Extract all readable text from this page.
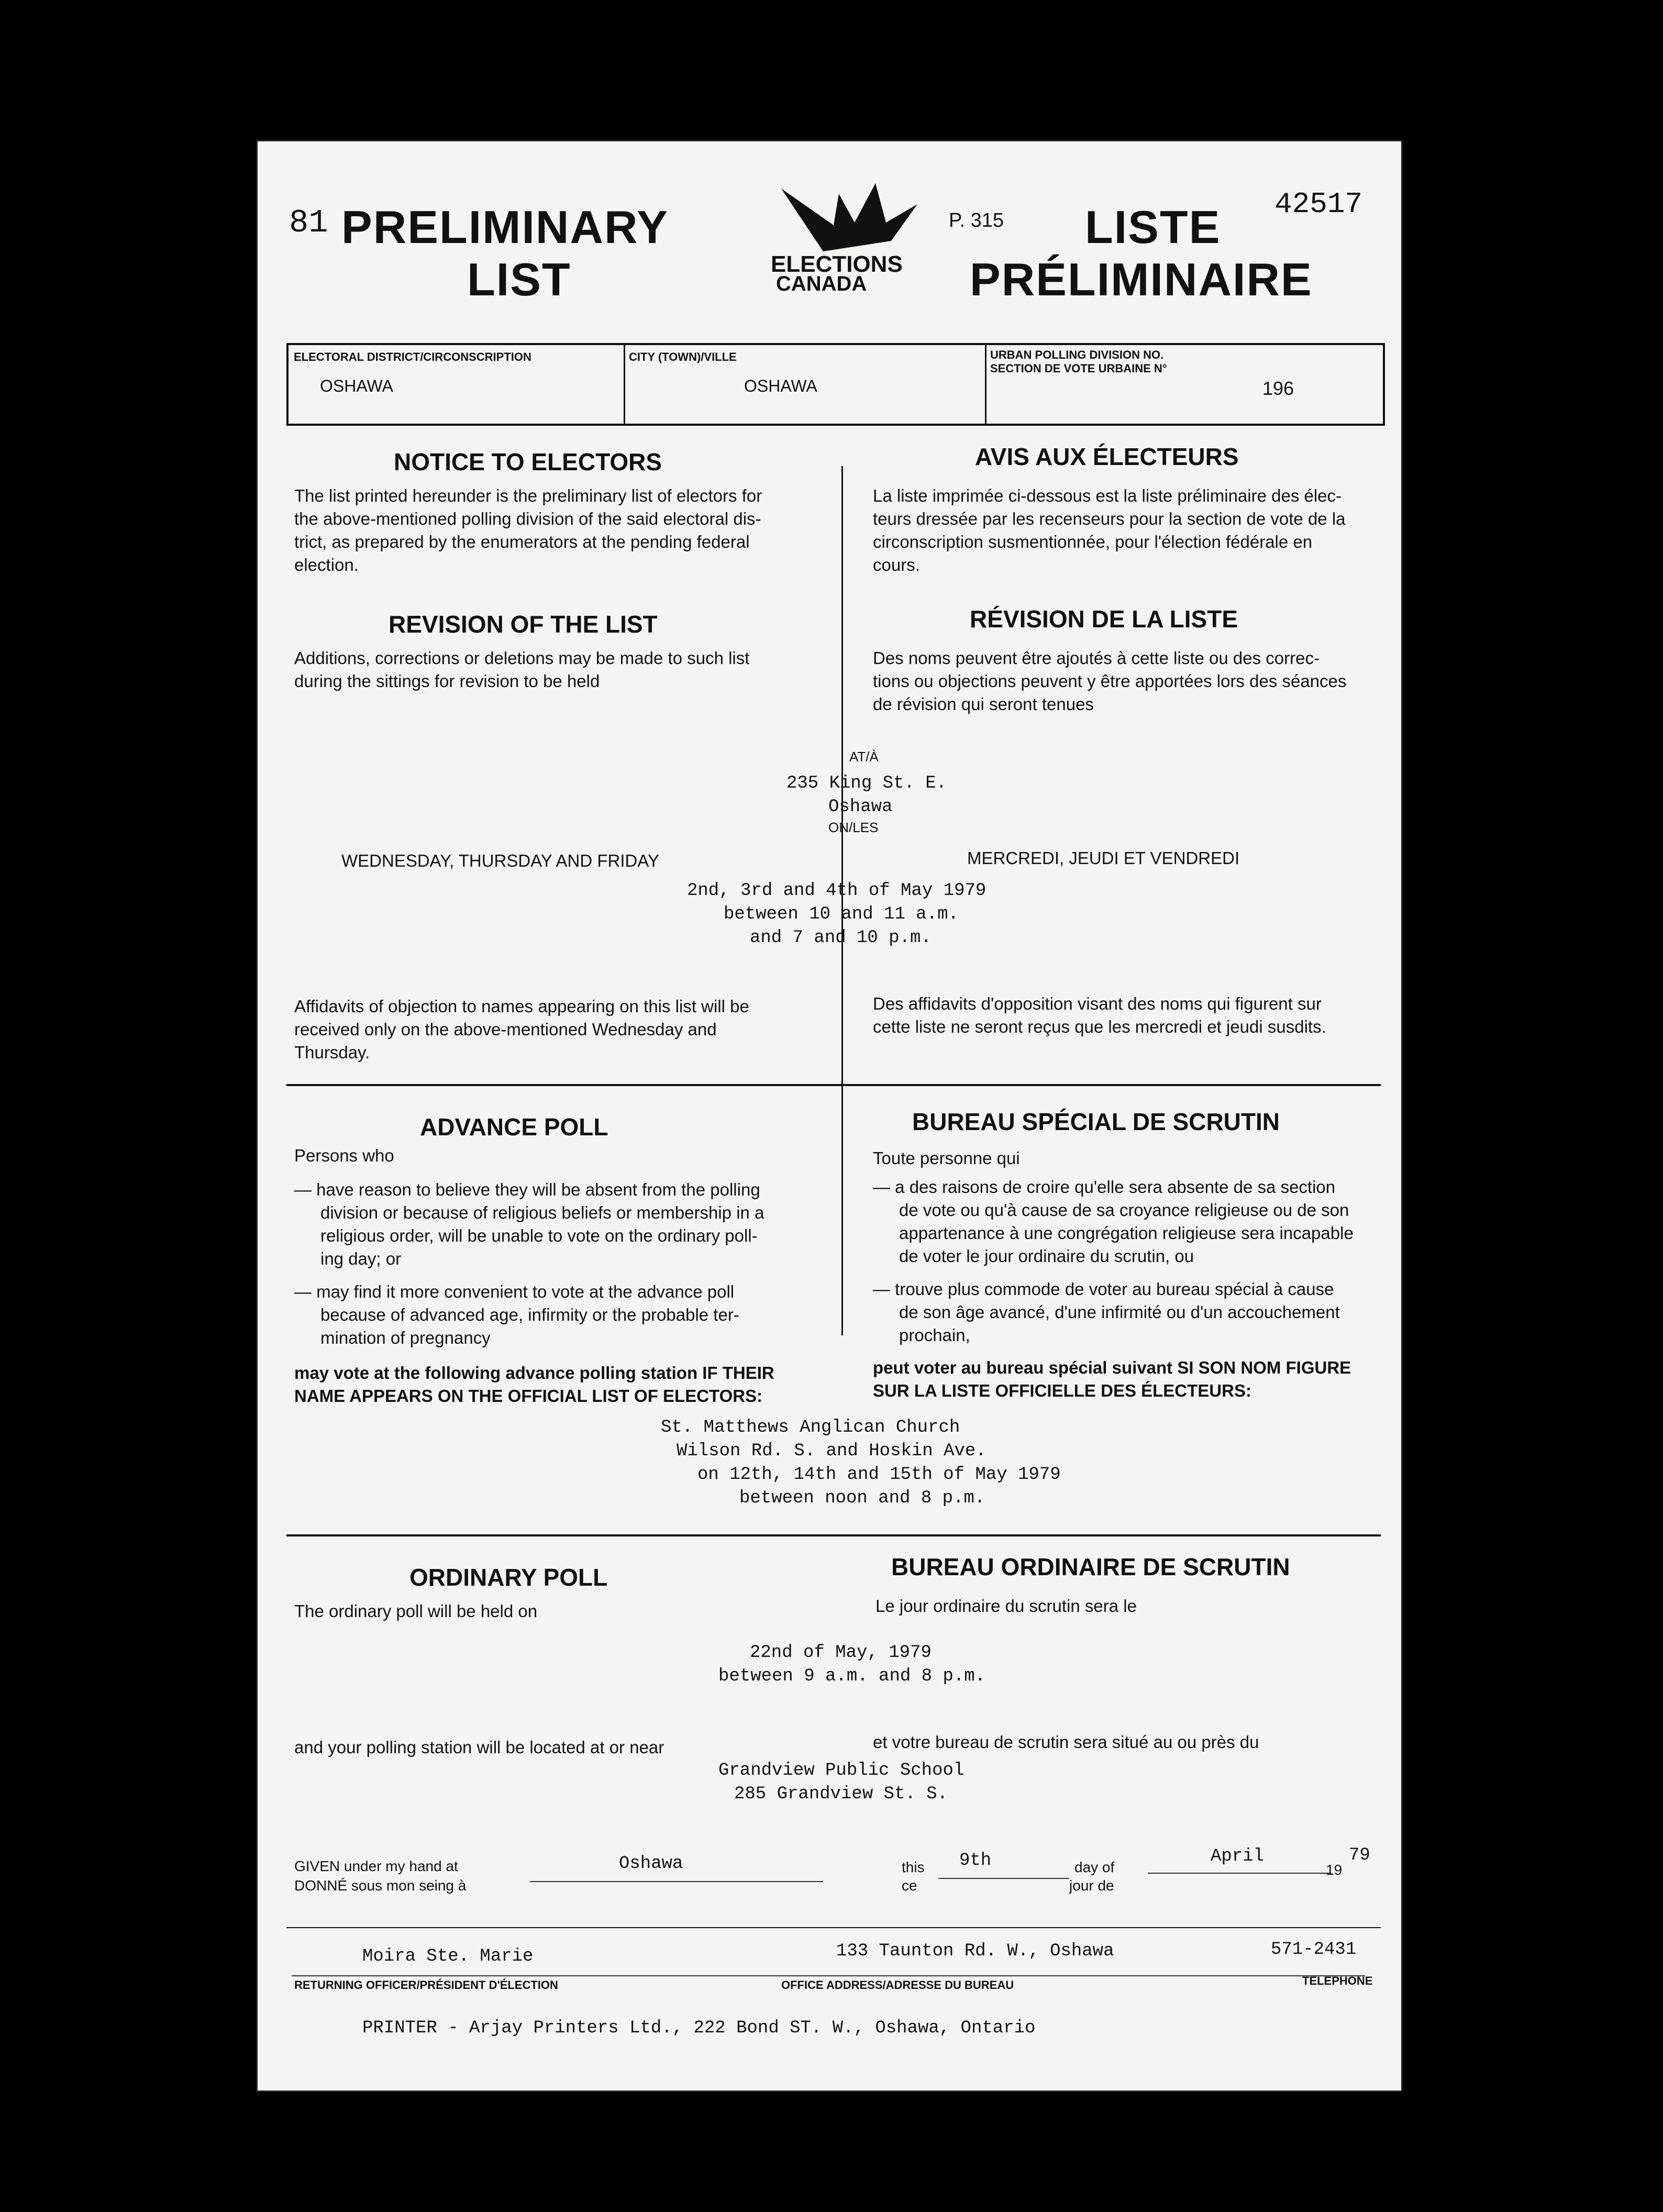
81 PRELIMINARY
LIST	ELECTIONS
CANADA
P. 315	42517
LISTE
PRÉLIMINAIRE
ELECTORAL DISTRICT/CIRCONSCRIPTION
OSHAWA
CITY (TOWN)/VILLE
OSHAWA
URBAN POLLING DIVISION NO.
SECTION DE VOTE URBAINE N°
196
NOTICE TO ELECTORS	AVIS AUX ÉLECTEURS
The list printed hereunder is the preliminary list of electors for
the above-mentioned polling division of the said electoral dis-
trict, as prepared by the enumerators at the pending federal
election.
La liste imprimée ci-dessous est la liste préliminaire des élec-
teurs dressée par les recenseurs pour la section de vote de la
circonscription susmentionnée, pour l'élection fédérale en
cours.
REVISION OF THE LIST	RÉVISION DE LA LISTE
Additions, corrections or deletions may be made to such list
during the sittings for revision to be held
Des noms peuvent être ajoutés à cette liste ou des correc-
tions ou objections peuvent y être apportées lors des séances
de révision qui seront tenues
AT/À
235 King St. E.
Oshawa
ON/LES
WEDNESDAY, THURSDAY AND FRIDAY	MERCREDI, JEUDI ET VENDREDI
2nd, 3rd and 4th of May 1979
between 10 and 11 a.m.
and 7 and 10 p.m.
Affidavits of objection to names appearing on this list will be
received only on the above-mentioned Wednesday and
Thursday.
Des affidavits d'opposition visant des noms qui figurent sur
cette liste ne seront reçus que les mercredi et jeudi susdits.
ADVANCE POLL	BUREAU SPÉCIAL DE SCRUTIN
Persons who	Toute personne qui
— have reason to believe they will be absent from the polling
division or because of religious beliefs or membership in a
religious order, will be unable to vote on the ordinary poll-
ing day; or
— may find it more convenient to vote at the advance poll
because of advanced age, infirmity or the probable ter-
mination of pregnancy
— a des raisons de croire qu'elle sera absente de sa section
de vote ou qu'à cause de sa croyance religieuse ou de son
appartenance à une congrégation religieuse sera incapable
de voter le jour ordinaire du scrutin, ou
— trouve plus commode de voter au bureau spécial à cause
de son âge avancé, d'une infirmité ou d'un accouchement
prochain,
may vote at the following advance polling station IF THEIR
NAME APPEARS ON THE OFFICIAL LIST OF ELECTORS:
peut voter au bureau spécial suivant SI SON NOM FIGURE
SUR LA LISTE OFFICIELLE DES ÉLECTEURS:
St. Matthews Anglican Church
Wilson Rd. S. and Hoskin Ave.
on 12th, 14th and 15th of May 1979
between noon and 8 p.m.
ORDINARY POLL	BUREAU ORDINAIRE DE SCRUTIN
The ordinary poll will be held on	Le jour ordinaire du scrutin sera le
22nd of May, 1979
between 9 a.m. and 8 p.m.
and your polling station will be located at or near	et votre bureau de scrutin sera situé au ou près du
Grandview Public School
285 Grandview St. S.
GIVEN under my hand at
DONNÉ sous mon seing à
Oshawa	this
ce
9th	day of
jour de
April
19
79
Moira Ste. Marie	133 Taunton Rd. W., Oshawa	571-2431
RETURNING OFFICER/PRÉSIDENT D'ÉLECTION	OFFICE ADDRESS/ADRESSE DU BUREAU	TELEPHONE
PRINTER - Arjay Printers Ltd., 222 Bond ST. W., Oshawa, Ontario
